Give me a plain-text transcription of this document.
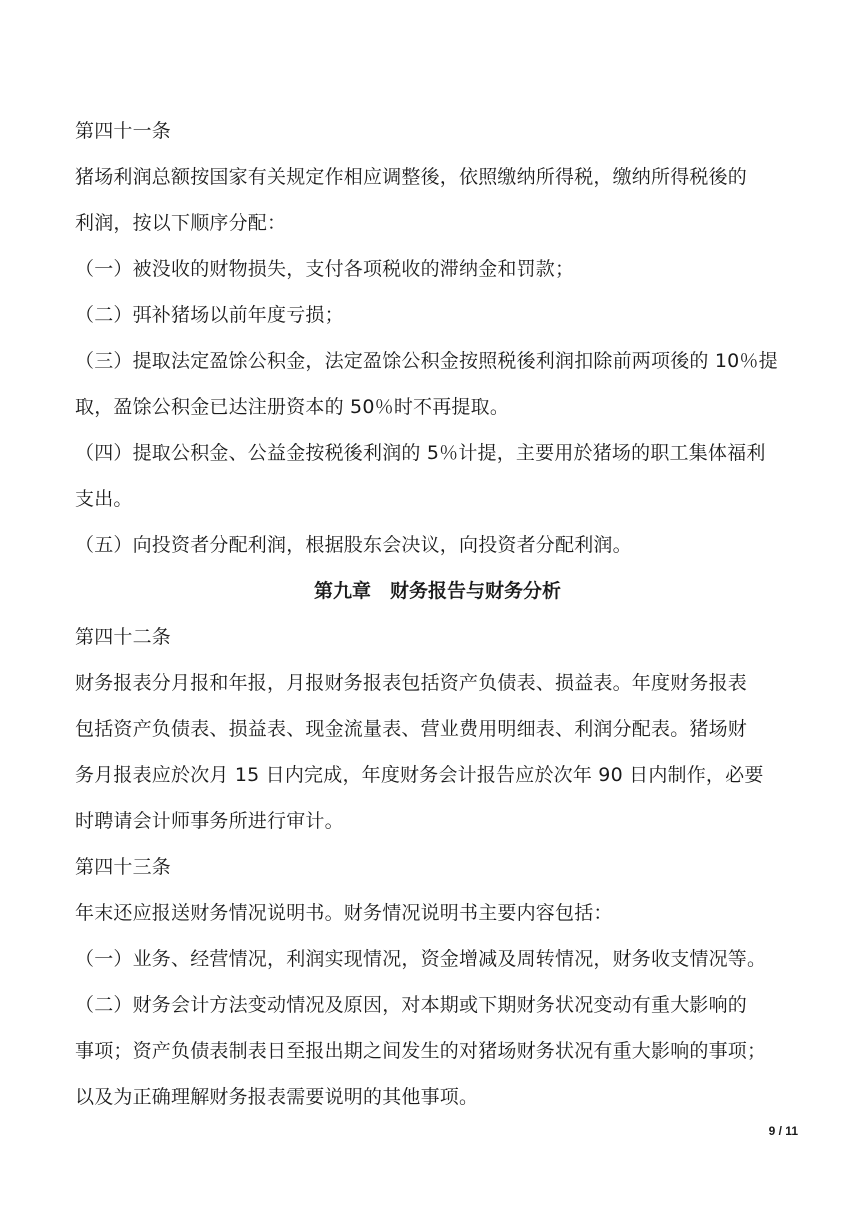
第四十一条
猪场利润总额按国家有关规定作相应调整後，依照缴纳所得税，缴纳所得税後的
利润，按以下顺序分配：
（一）被没收的财物损失，支付各项税收的滞纳金和罚款；
（二）弭补猪场以前年度亏损；
（三）提取法定盈馀公积金，法定盈馀公积金按照税後利润扣除前两项後的 10％提
取，盈馀公积金已达注册资本的 50％时不再提取。
（四）提取公积金、公益金按税後利润的 5％计提，主要用於猪场的职工集体福利
支出。
（五）向投资者分配利润，根据股东会决议，向投资者分配利润。
第九章　财务报告与财务分析
第四十二条
财务报表分月报和年报，月报财务报表包括资产负债表、损益表。年度财务报表
包括资产负债表、损益表、现金流量表、营业费用明细表、利润分配表。猪场财
务月报表应於次月 15 日内完成，年度财务会计报告应於次年 90 日内制作，必要
时聘请会计师事务所进行审计。
第四十三条
年末还应报送财务情况说明书。财务情况说明书主要内容包括：
（一）业务、经营情况，利润实现情况，资金增减及周转情况，财务收支情况等。
（二）财务会计方法变动情况及原因，对本期或下期财务状况变动有重大影响的
事项；资产负债表制表日至报出期之间发生的对猪场财务状况有重大影响的事项；
以及为正确理解财务报表需要说明的其他事项。
9 / 11
